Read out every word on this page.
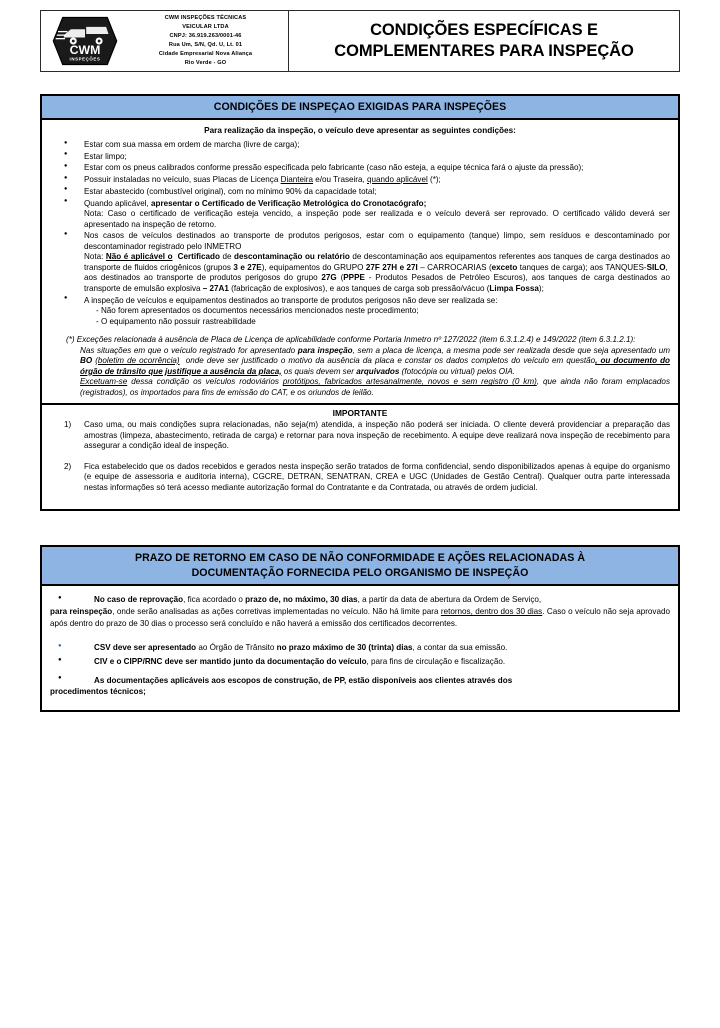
CWM
INSPEÇÕES
CWM INSPEÇÕES TÉCNICAS
VEICULAR LTDA
CNPJ: 36.919.263/0001-46
Rua Um, S/N, Qd. U, Lt. 01
Cidade Empresarial Nova Aliança
Rio Verde - GO
CONDIÇÕES ESPECÍFICAS E
COMPLEMENTARES PARA INSPEÇÃO
CONDIÇÕES DE INSPEÇAO EXIGIDAS PARA INSPEÇÕES
Para realização da inspeção, o veículo deve apresentar as seguintes condições:
● Estar com sua massa em ordem de marcha (livre de carga);
● Estar limpo;
● Estar com os pneus calibrados conforme pressão especificada pelo fabricante (caso não esteja, a equipe técnica fará o ajuste da pressão);
● Possuir instaladas no veículo, suas Placas de Licença Dianteira e/ou Traseira, quando aplicável (*);
● Estar abastecido (combustível original), com no mínimo 90% da capacidade total;
● Quando aplicável, apresentar o Certificado de Verificação Metrológica do Cronotacógrafo;
Nota: Caso o certificado de verificação esteja vencido, a inspeção pode ser realizada e o veículo deverá ser reprovado. O certificado válido deverá ser apresentado na inspeção de retorno.
● Nos casos de veículos destinados ao transporte de produtos perigosos, estar com o equipamento (tanque) limpo, sem resíduos e descontaminado por descontaminador registrado pelo INMETRO
Nota: Não é aplicável o Certificado de descontaminação ou relatório de descontaminação aos equipamentos referentes aos tanques de carga destinados ao transporte de fluidos criogênicos (grupos 3 e 27E), equipamentos do GRUPO 27F 27H e 27I – CARROCARIAS (exceto tanques de carga); aos TANQUES-SILO,  aos destinados ao transporte de produtos perigosos do grupo 27G (PPPE - Produtos Pesados de Petróleo Escuros), aos tanques de carga destinados ao transporte de emulsão explosiva – 27A1 (fabricação de explosivos), e aos tanques de carga sob pressão/vácuo (Limpa Fossa);
● A inspeção de veículos e equipamentos destinados ao transporte de produtos perigosos não deve ser realizada se:
- Não forem apresentados os documentos necessários mencionados neste procedimento;
- O equipamento não possuir rastreabilidade
(*) Exceções relacionada à ausência de Placa de Licença de aplicabilidade conforme Portaria Inmetro nº 127/2022 (item 6.3.1.2.4) e 149/2022 (item 6.3.1.2.1):
Nas situações em que o veículo registrado for apresentado para inspeção, sem a placa de licença, a mesma pode ser realizada desde que seja apresentado um BO (boletim de ocorrência)  onde deve ser justificado o motivo da ausência da placa e constar os dados completos do veículo em questão, ou documento do órgão de trânsito que justifique a ausência da placa, os quais devem ser arquivados (fotocópia ou virtual) pelos OIA.
Excetuam-se dessa condição os veículos rodoviários protótipos, fabricados artesanalmente, novos e sem registro (0 km), que ainda não foram emplacados (registrados), os importados para fins de emissão do CAT, e os oriundos de leilão.
IMPORTANTE
Caso uma, ou mais condições supra relacionadas, não seja(m) atendida, a inspeção não poderá ser iniciada. O cliente deverá providenciar a preparação das amostras (limpeza, abastecimento, retirada de carga) e retornar para nova inspeção de recebimento. A equipe deve realizará nova inspeção de recebimento para assegurar a condição ideal de inspeção.
Fica estabelecido que os dados recebidos e gerados nesta inspeção serão tratados de forma confidencial, sendo disponibilizados apenas à equipe do organismo (e equipe de assessoria e auditoria interna), CGCRE, DETRAN, SENATRAN, CREA e UGC (Unidades de Gestão Central). Qualquer outra parte interessada nestas informações só terá acesso mediante autorização formal do Contratante e da Contratada, ou através de ordem judicial.
PRAZO DE RETORNO EM CASO DE NÃO CONFORMIDADE E AÇÕES RELACIONADAS À
DOCUMENTAÇÃO FORNECIDA PELO ORGANISMO DE INSPEÇÃO
● No caso de reprovação, fica acordado o prazo de, no máximo, 30 dias, a partir da data de abertura da Ordem de Serviço,
para reinspeção, onde serão analisadas as ações corretivas implementadas no veículo. Não há limite para retornos, dentro dos 30 dias. Caso o veículo não seja aprovado após dentro do prazo de 30 dias o processo será concluído e não haverá a emissão dos certificados decorrentes.
● CSV deve ser apresentado ao Órgão de Trânsito no prazo máximo de 30 (trinta) dias, a contar da sua emissão.
● CIV e o CIPP/RNC deve ser mantido junto da documentação do veículo, para fins de circulação e fiscalização.
● As documentações aplicáveis aos escopos de construção, de PP, estão disponíveis aos clientes através dos
procedimentos técnicos;
